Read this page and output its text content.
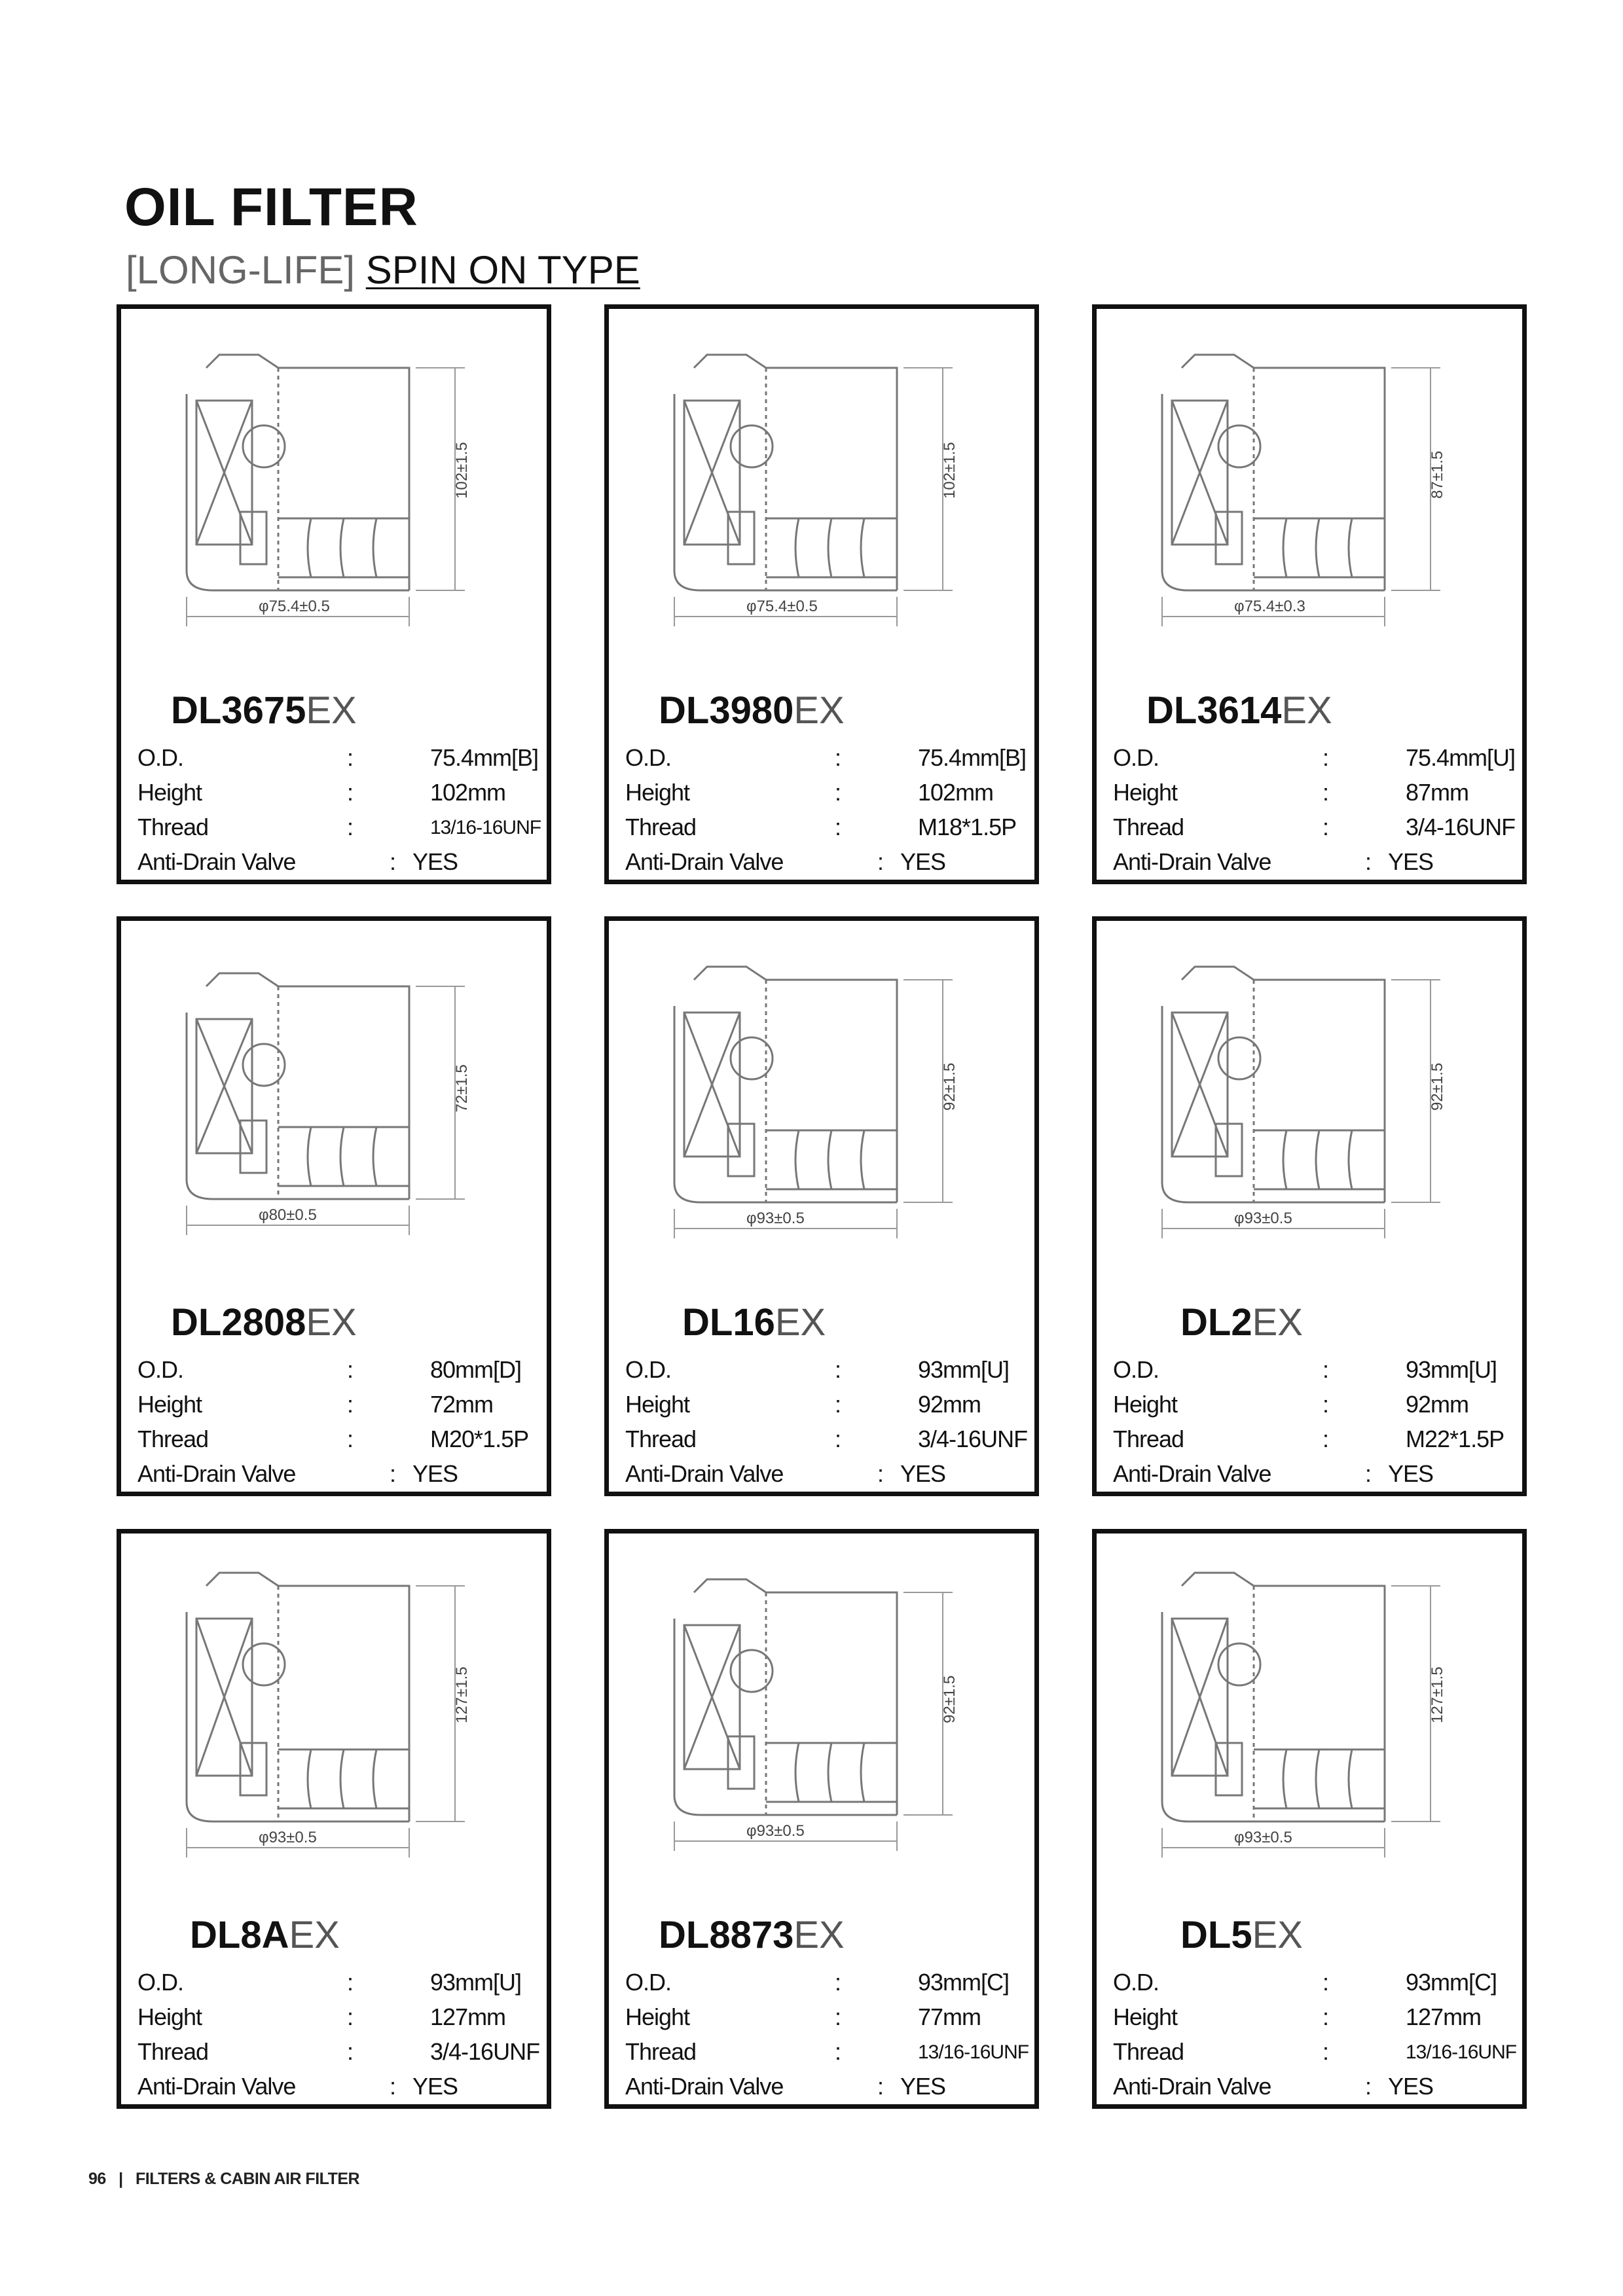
OIL FILTER
[LONG-LIFE] SPIN ON TYPE
102±1.5
φ75.4±0.5
DL3675EX
O.D.	:	75.4mm[B]
Height	:	102mm
Thread	:	13/16-16UNF
Anti-Drain Valve	: YES
102±1.5
φ75.4±0.5
DL3980EX
O.D.	:	75.4mm[B]
Height	:	102mm
Thread	:	M18*1.5P
Anti-Drain Valve	: YES
87±1.5
φ75.4±0.3
DL3614EX
O.D.	:	75.4mm[U]
Height	:	87mm
Thread	:	3/4-16UNF
Anti-Drain Valve	: YES
72±1.5
φ80±0.5
DL2808EX
O.D.	:	80mm[D]
Height	:	72mm
Thread	:	M20*1.5P
Anti-Drain Valve	: YES
92±1.5
φ93±0.5
DL16EX
O.D.	:	93mm[U]
Height	:	92mm
Thread	:	3/4-16UNF
Anti-Drain Valve	: YES
92±1.5
φ93±0.5
DL2EX
O.D.	:	93mm[U]
Height	:	92mm
Thread	:	M22*1.5P
Anti-Drain Valve	: YES
127±1.5
φ93±0.5
DL8AEX
O.D.	:	93mm[U]
Height	:	127mm
Thread	:	3/4-16UNF
Anti-Drain Valve	: YES
92±1.5
φ93±0.5
DL8873EX
O.D.	:	93mm[C]
Height	:	77mm
Thread	:	13/16-16UNF
Anti-Drain Valve	: YES
127±1.5
φ93±0.5
DL5EX
O.D.	:	93mm[C]
Height	:	127mm
Thread	:	13/16-16UNF
Anti-Drain Valve	: YES
96 | FILTERS & CABIN AIR FILTER
